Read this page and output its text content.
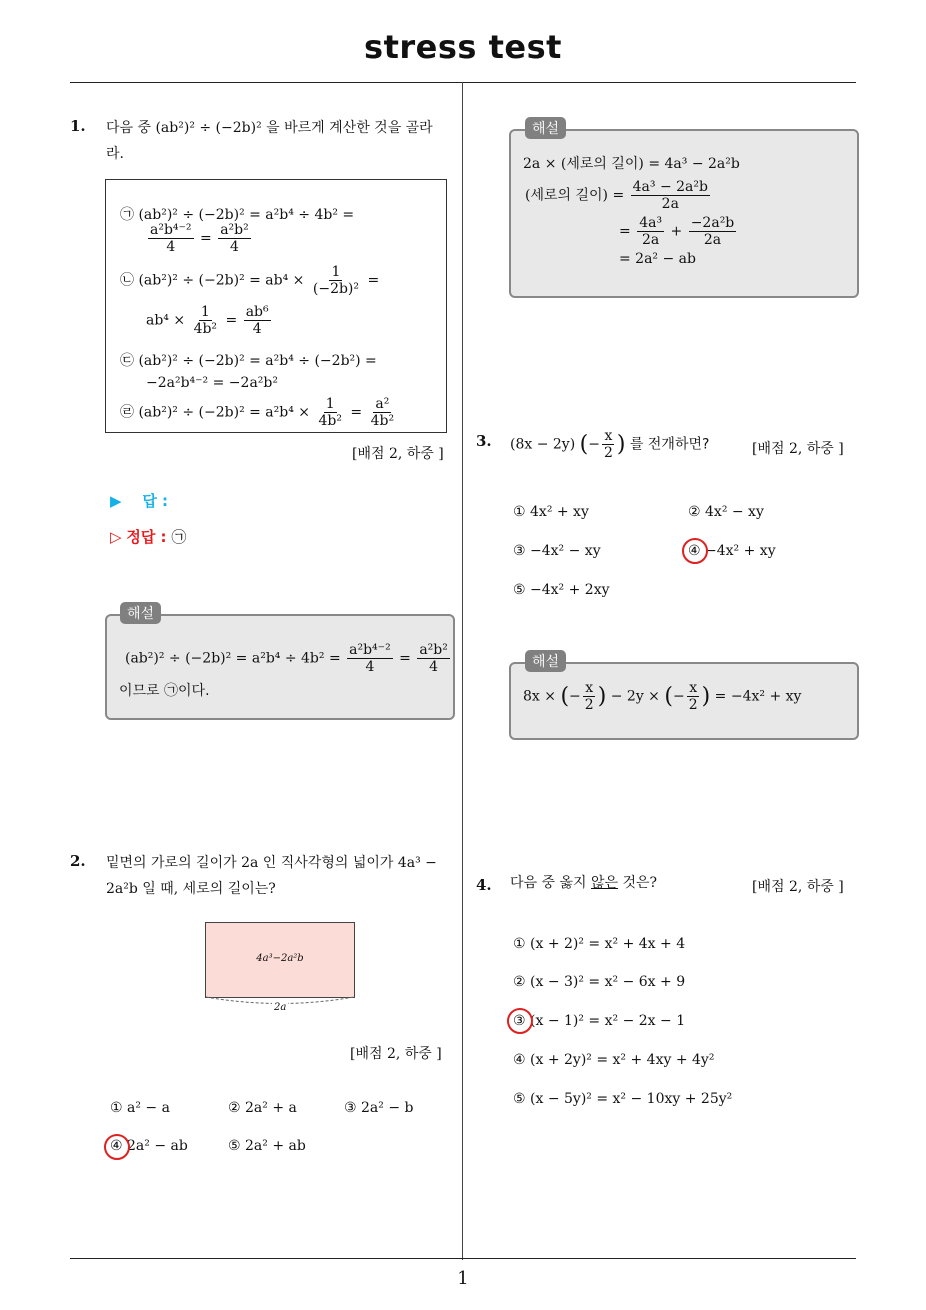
stress test
1
1. 다음 중 (ab²)² ÷ (−2b)² 을 바르게 계산한 것을 골라
라.
㉠ (ab²)² ÷ (−2b)² = a²b⁴ ÷ 4b² =
$\frac{\text{a²b⁴⁻²}}{4} = \frac{\text{a²b²}}{4}$
㉡ $(ab^2)^2 \div (-2b)^2 = ab^4 \times \frac{1}{\text{(−2b)²}}$ =
$ab^4 \times \frac{1}{\text{4b²}} = \frac{\text{ab⁶}}{4}$
㉢ (ab²)² ÷ (−2b)² = a²b⁴ ÷ (−2b²) =
−2a²b⁴⁻² = −2a²b²
㉣ $(ab^2)^2 \div (-2b)^2 = a^2b^4 \times \frac{1}{\text{4b²}} = \frac{\text{a²}}{\text{4b²}}$
[배점 2, 하중 ]
▶ 답 :
▷ 정답 : ㉠
$(ab^2)^2 \div (-2b)^2 = a^2b^4 \div 4b^2 = \frac{\text{a²b⁴⁻²}}{4} = \frac{\text{a²b²}}{4}$
이므로 ㉠이다.
해설
2. 밑면의 가로의 길이가 2a 인 직사각형의 넓이가 4a³ −
2a²b 일 때, 세로의 길이는?
4a³−2a²b
2a
[배점 2, 하중 ]
① a² − a	② 2a² + a	③ 2a² − b
④ 2a² − ab	⑤ 2a² + ab
2a × (세로의 길이) = 4a³ − 2a²b
(세로의 길이) = $\frac{\text{4a³ − 2a²b}}{2a}$
= $\frac{\text{4a³}}{2a} + \frac{\text{−2a²b}}{2a}$
= 2a² − ab
해설
3. (8x − 2y) (− $\frac{x}{2}$ ) 를 전개하면?	[배점 2, 하중 ]
① 4x² + xy	② 4x² − xy
③ −4x² − xy	④ −4x² + xy
⑤ −4x² + 2xy
8x × (− $\frac{x}{2}$ ) − 2y × (− $\frac{x}{2}$ ) = −4x² + xy
해설
4. 다음 중 옳지 않은 것은?	[배점 2, 하중 ]
① (x + 2)² = x² + 4x + 4
② (x − 3)² = x² − 6x + 9
③ (x − 1)² = x² − 2x − 1
④ (x + 2y)² = x² + 4xy + 4y²
⑤ (x − 5y)² = x² − 10xy + 25y²
